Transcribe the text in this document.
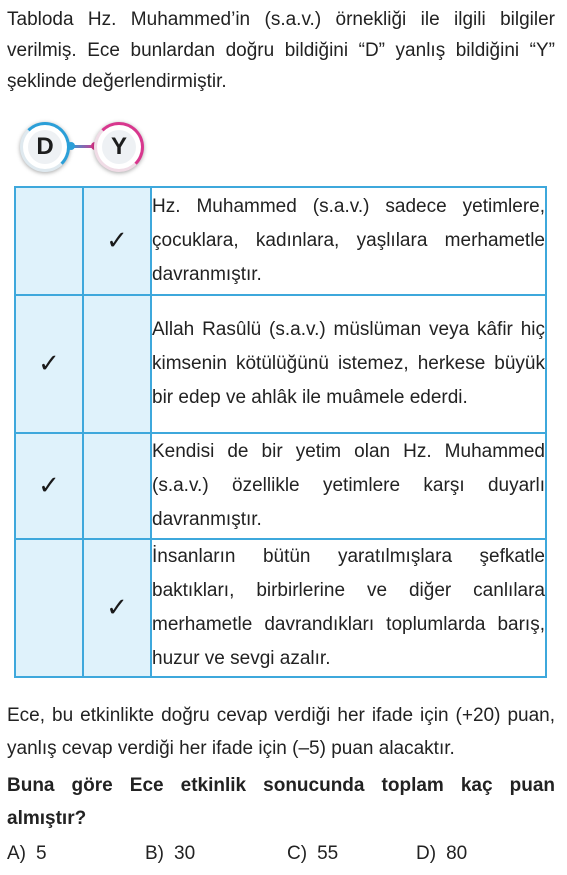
Tabloda Hz. Muhammed’in (s.a.v.) örnekliği ile ilgili bilgiler verilmiş. Ece bunlardan doğru bildiğini “D” yanlış bildiğini “Y” şeklinde değerlendirmiştir.

D	Y
	✓	Hz. Muhammed (s.a.v.) sadece yetimlere, çocuklara, kadınlara, yaşlılara merhametle davranmıştır.
✓		Allah Rasûlü (s.a.v.) müslüman veya kâfir hiç kimsenin kötülüğünü istemez, herkese büyük bir edep ve ahlâk ile muâmele ederdi.
✓		Kendisi de bir yetim olan Hz. Muhammed (s.a.v.) özellikle yetimlere karşı duyarlı davranmıştır.
	✓	İnsanların bütün yaratılmışlara şefkatle baktıkları, birbirlerine ve diğer canlılara merhametle davrandıkları toplumlarda barış, huzur ve sevgi azalır.

Ece, bu etkinlikte doğru cevap verdiği her ifade için (+20) puan, yanlış cevap verdiği her ifade için (–5) puan alacaktır.

Buna göre Ece etkinlik sonucunda toplam kaç puan almıştır?

A) 5	B) 30	C) 55	D) 80
